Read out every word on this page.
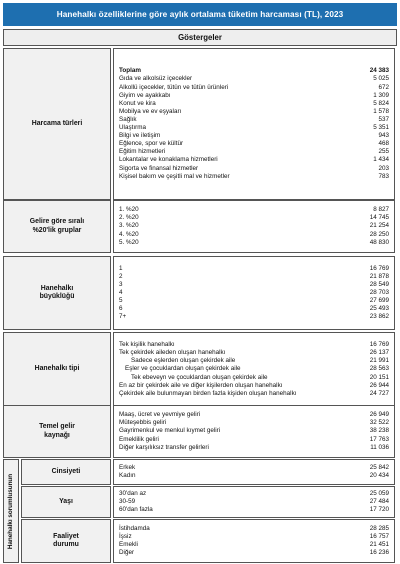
Hanehalkı özelliklerine göre aylık ortalama tüketim harcaması (TL), 2023
Göstergeler
Harcama türleri
Toplam	24 383
Gıda ve alkolsüz içecekler	5 025
Alkollü içecekler, tütün ve tütün ürünleri	672
Giyim ve ayakkabı	1 309
Konut ve kira	5 824
Mobilya ve ev eşyaları	1 578
Sağlık	537
Ulaştırma	5 351
Bilgi ve iletişim	943
Eğlence, spor ve kültür	468
Eğitim hizmetleri	255
Lokantalar ve konaklama hizmetleri	1 434
Sigorta ve finansal hizmetler	203
Kişisel bakım ve çeşitli mal ve hizmetler	783
Gelire göre sıralı %20'lik gruplar
1. %20	8 827
2. %20	14 745
3. %20	21 254
4. %20	28 250
5. %20	48 830
Hanehalkı büyüklüğü
1	16 769
2	21 878
3	28 549
4	28 703
5	27 699
6	25 493
7+	23 862
Hanehalkı tipi
Tek kişilik hanehalkı	16 769
Tek çekirdek aileden oluşan hanehalkı	26 137
Sadece eşlerden oluşan çekirdek aile	21 991
Eşler ve çocuklardan oluşan çekirdek aile	28 563
Tek ebeveyn ve çocuklardan oluşan çekirdek aile	20 151
En az bir çekirdek aile ve diğer kişilerden oluşan hanehalkı	26 944
Çekirdek aile bulunmayan birden fazla kişiden oluşan hanehalkı	24 727
Temel gelir kaynağı
Maaş, ücret ve yevmiye geliri	26 949
Müteşebbis geliri	32 522
Gayrimenkul ve menkul kıymet geliri	38 238
Emeklilik geliri	17 763
Diğer karşılıksız transfer gelirleri	11 036
Hanehalkı sorumlusunun
Cinsiyeti
Erkek	25 842
Kadın	20 434
Yaşı
30'dan az	25 059
30-59	27 484
60'dan fazla	17 720
Faaliyet durumu
İstihdamda	28 285
İşsiz	16 757
Emekli	21 451
Diğer	16 236
